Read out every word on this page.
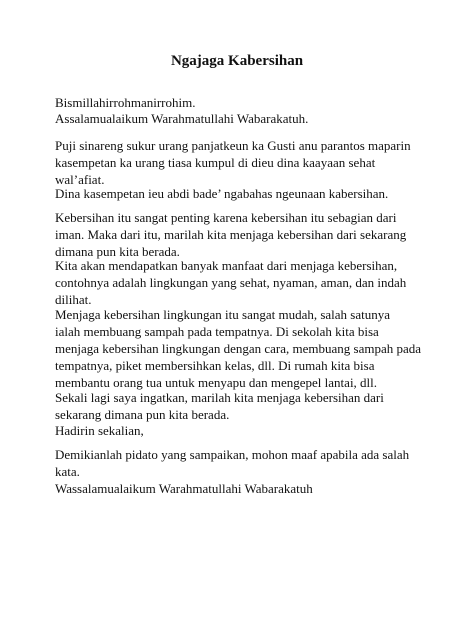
Ngajaga Kabersihan

Bismillahirrohmanirrohim.

Assalamualaikum Warahmatullahi Wabarakatuh.

Puji sinareng sukur urang panjatkeun ka Gusti anu parantos maparin
kasempetan ka urang tiasa kumpul di dieu dina kaayaan sehat
wal’afiat.

Dina kasempetan ieu abdi bade’ ngabahas ngeunaan kabersihan.

Kebersihan itu sangat penting karena kebersihan itu sebagian dari
iman. Maka dari itu, marilah kita menjaga kebersihan dari sekarang
dimana pun kita berada.

Kita akan mendapatkan banyak manfaat dari menjaga kebersihan,
contohnya adalah lingkungan yang sehat, nyaman, aman, dan indah
dilihat.

Menjaga kebersihan lingkungan itu sangat mudah, salah satunya
ialah membuang sampah pada tempatnya. Di sekolah kita bisa
menjaga kebersihan lingkungan dengan cara, membuang sampah pada
tempatnya, piket membersihkan kelas, dll. Di rumah kita bisa
membantu orang tua untuk menyapu dan mengepel lantai, dll.

Sekali lagi saya ingatkan, marilah kita menjaga kebersihan dari
sekarang dimana pun kita berada.

Hadirin sekalian,

Demikianlah pidato yang sampaikan, mohon maaf apabila ada salah
kata.

Wassalamualaikum Warahmatullahi Wabarakatuh
